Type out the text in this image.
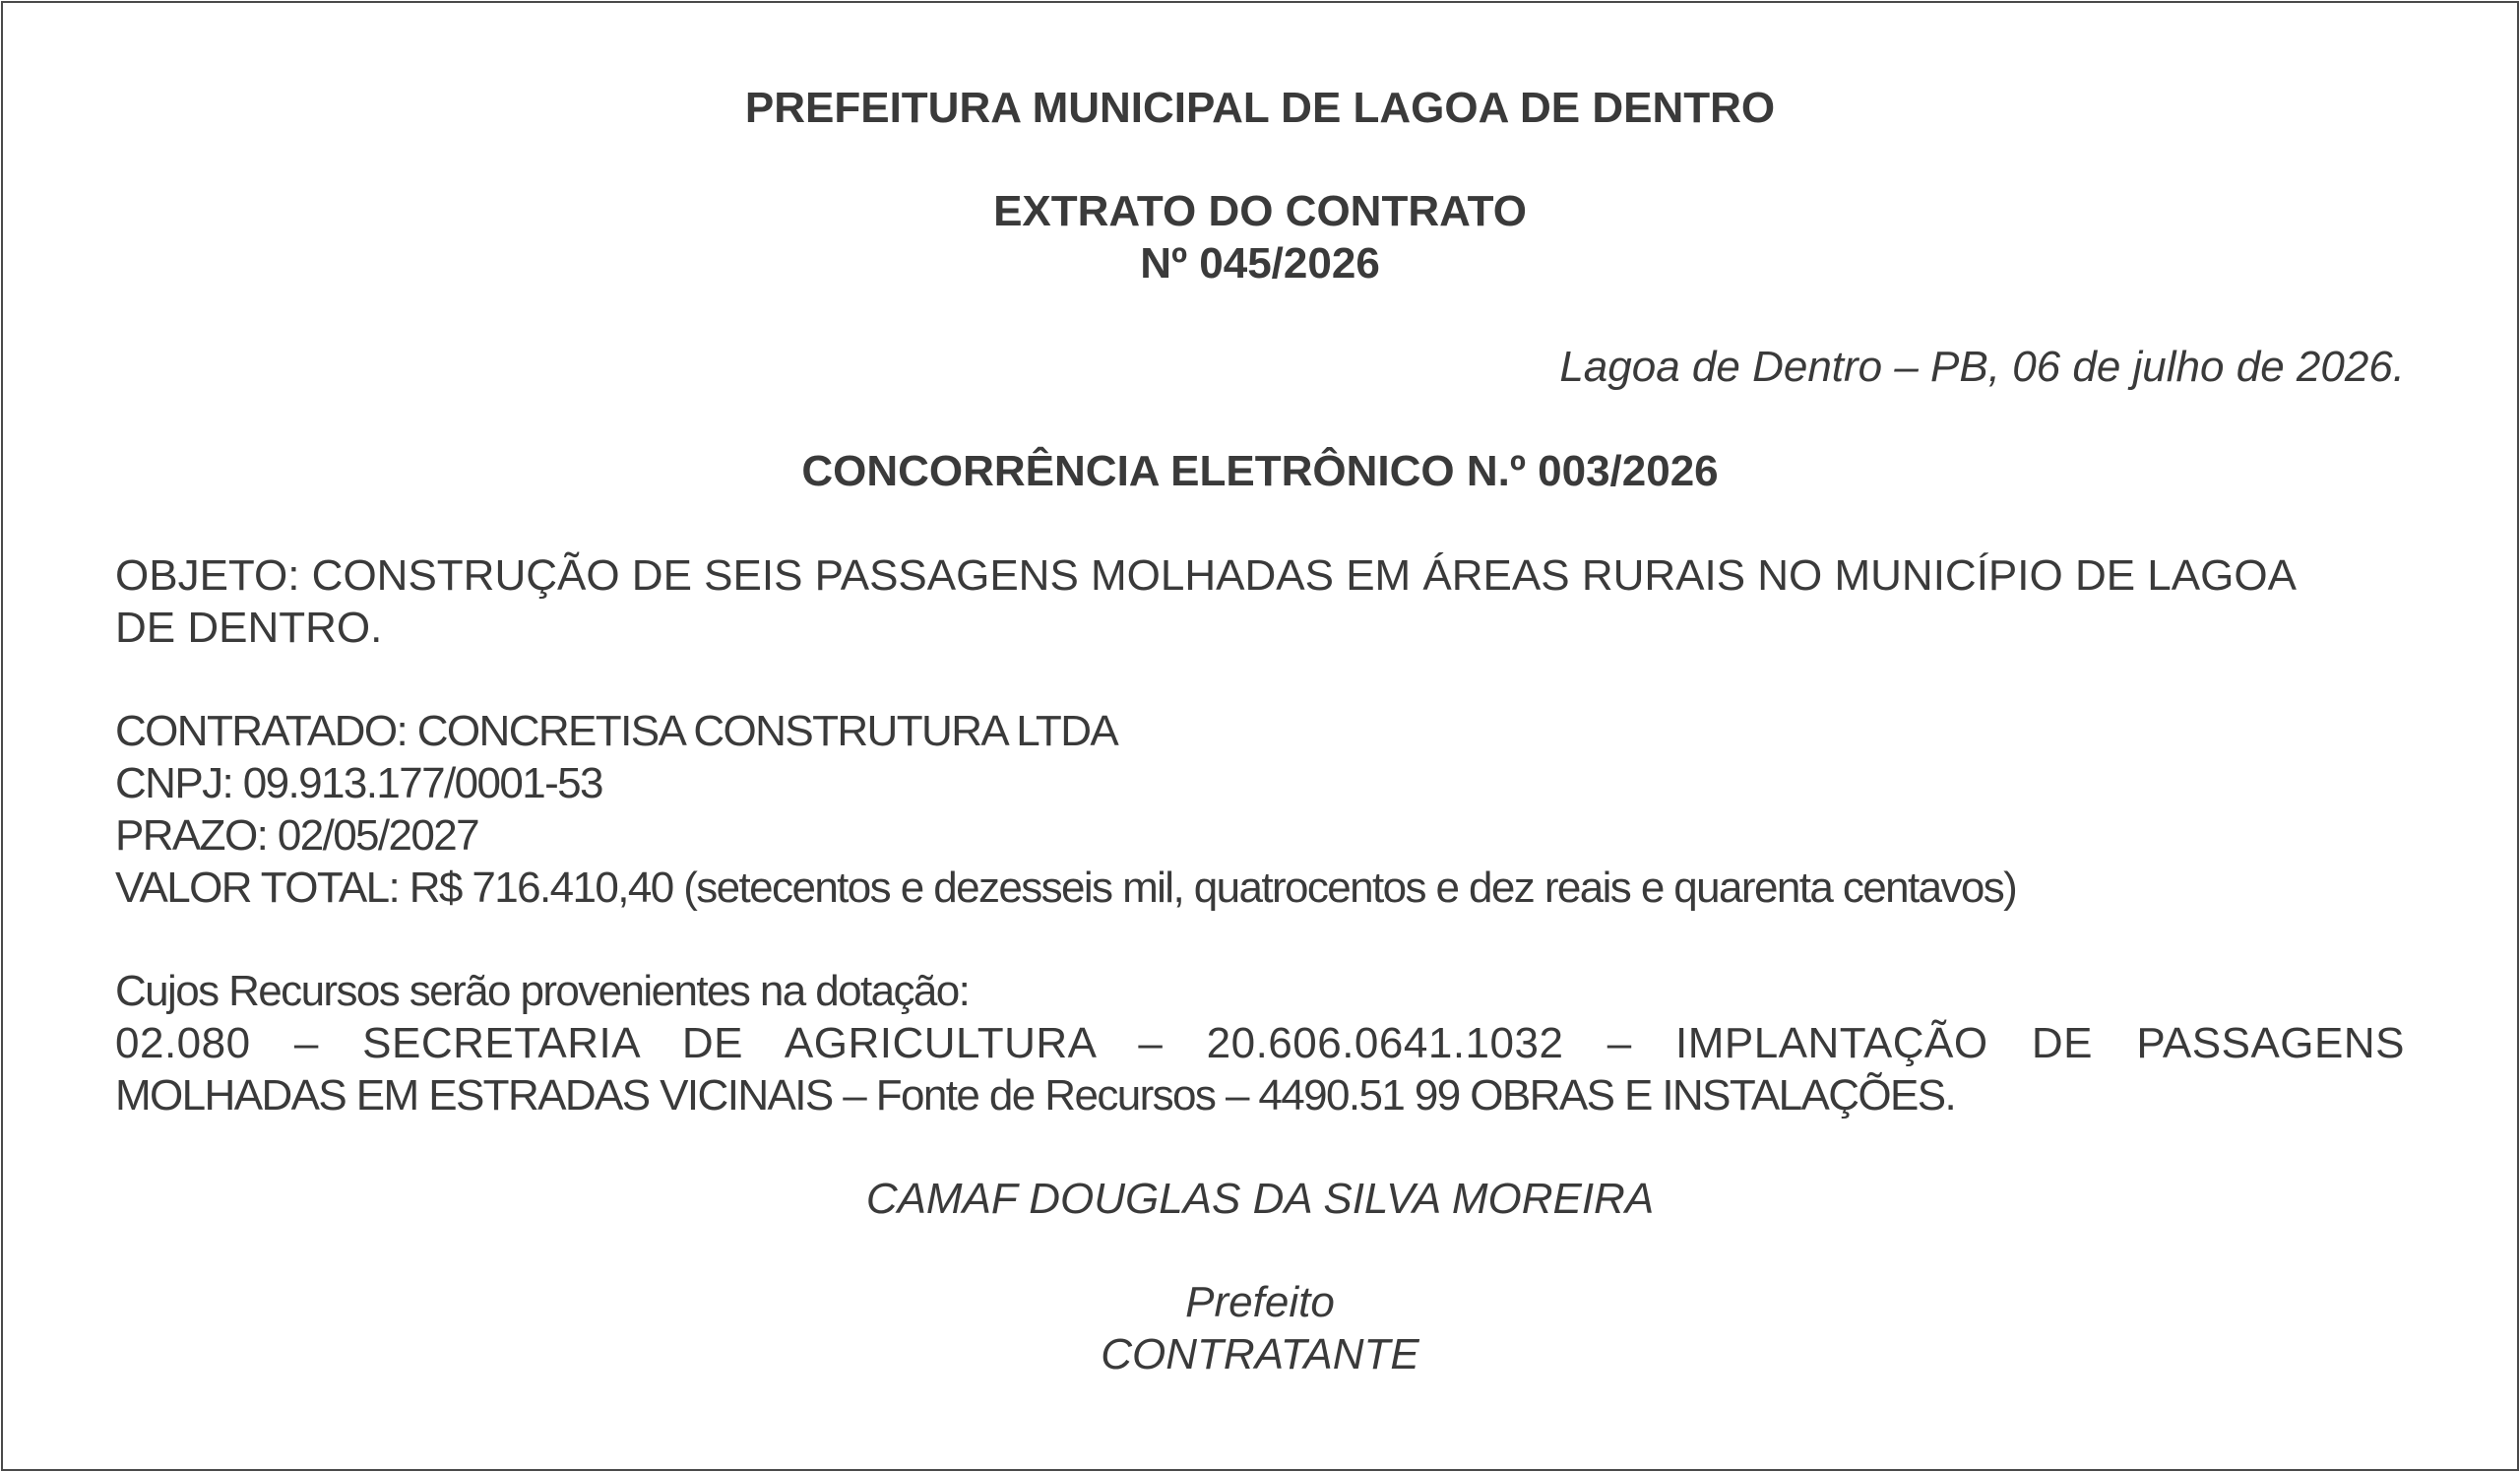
PREFEITURA MUNICIPAL DE LAGOA DE DENTRO
EXTRATO DO CONTRATO
Nº 045/2026
Lagoa de Dentro – PB, 06 de julho de 2026.
CONCORRÊNCIA ELETRÔNICO N.º 003/2026
OBJETO: CONSTRUÇÃO DE SEIS PASSAGENS MOLHADAS EM ÁREAS RURAIS NO MUNICÍPIO DE LAGOA
DE DENTRO.
CONTRATADO: CONCRETISA CONSTRUTURA LTDA
CNPJ: 09.913.177/0001-53
PRAZO: 02/05/2027
VALOR TOTAL: R$ 716.410,40 (setecentos e dezesseis mil, quatrocentos e dez reais e quarenta centavos)
Cujos Recursos serão provenientes na dotação:
02.080 – SECRETARIA DE AGRICULTURA – 20.606.0641.1032 – IMPLANTAÇÃO DE PASSAGENS
MOLHADAS EM ESTRADAS VICINAIS – Fonte de Recursos – 4490.51 99 OBRAS E INSTALAÇÕES.
CAMAF DOUGLAS DA SILVA MOREIRA
Prefeito
CONTRATANTE
